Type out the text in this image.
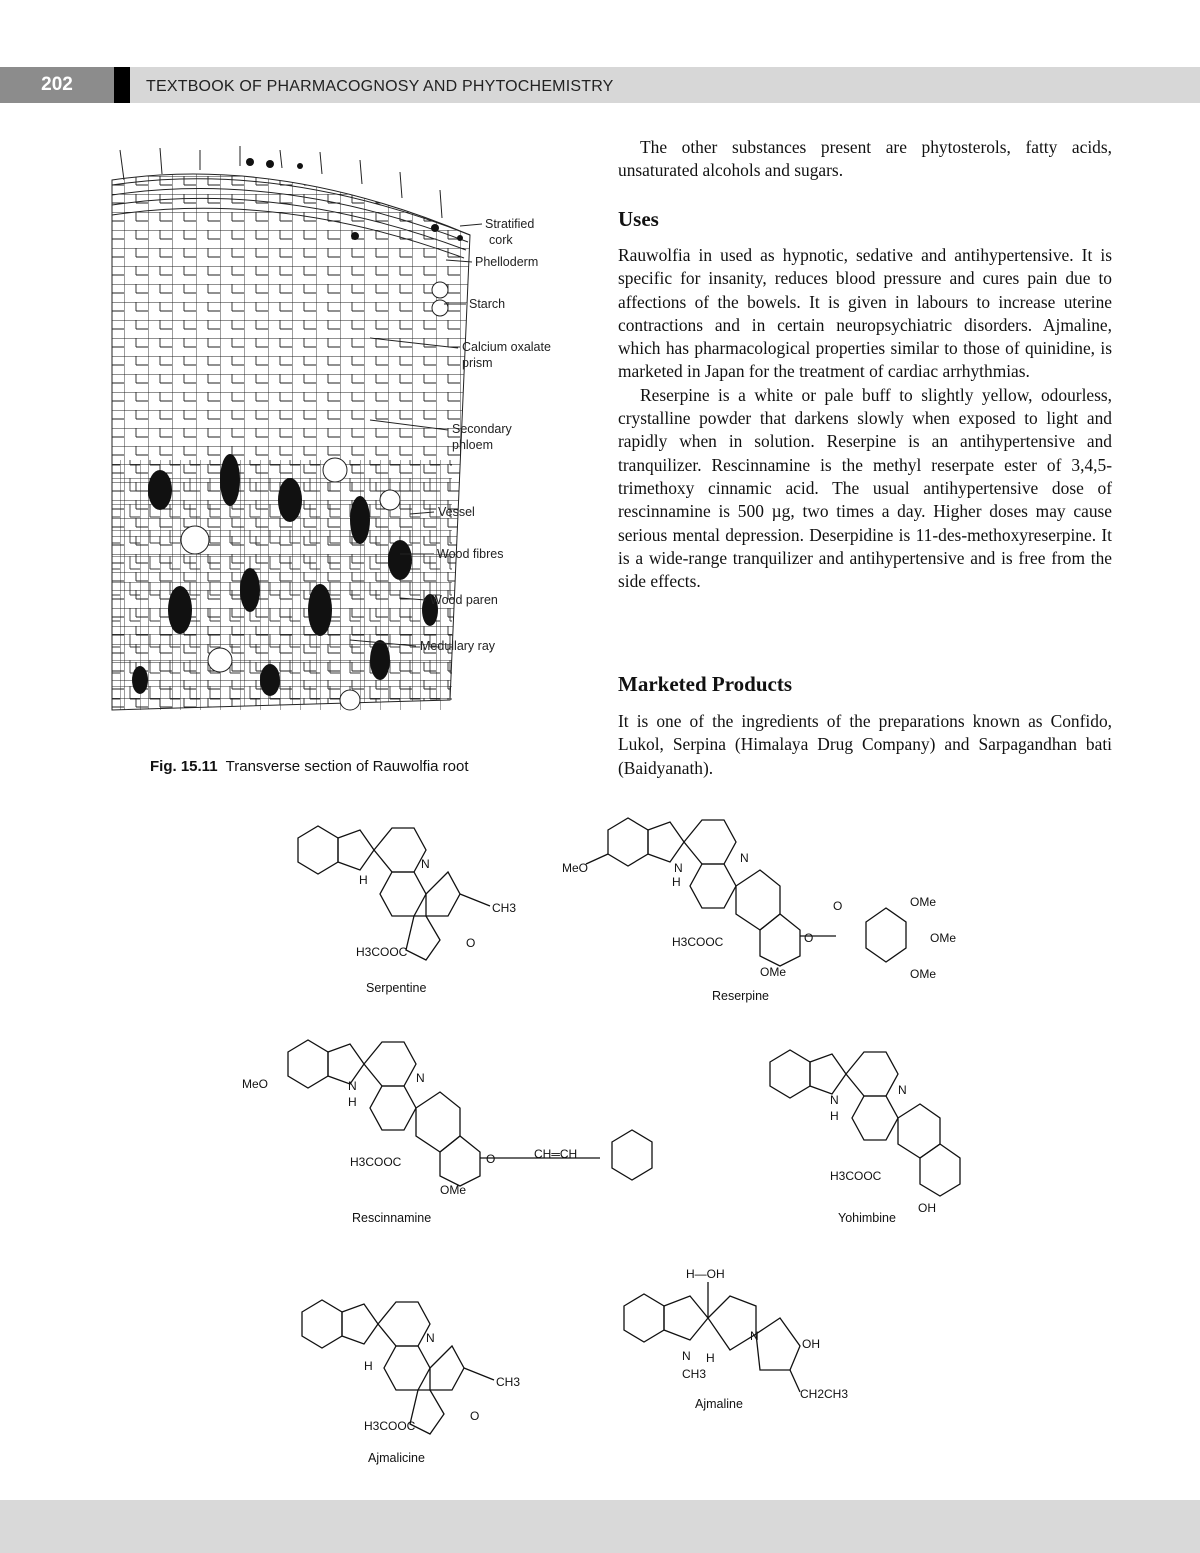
202	TEXTBOOK OF PHARMACOGNOSY AND PHYTOCHEMISTRY
Stratified
cork
Phelloderm
Starch
Calcium oxalate
prism
Secondary
phloem
Vessel
Wood fibres
Wood paren
Medullary ray
Fig. 15.11 Transverse section of Rauwolfia root
The other substances present are phytosterols, fatty acids, unsaturated alcohols and sugars.
Uses

Rauwolfia in used as hypnotic, sedative and antihypertensive. It is specific for insanity, reduces blood pressure and cures pain due to affections of the bowels. It is given in labours to increase uterine contractions and in certain neuropsychiatric disorders. Ajmaline, which has pharmacological properties similar to those of quinidine, is marketed in Japan for the treatment of cardiac arrhythmias.

Reserpine is a white or pale buff to slightly yellow, odourless, crystalline powder that darkens slowly when exposed to light and rapidly when in solution. Reserpine is an antihypertensive and tranquilizer. Rescinnamine is the methyl reserpate ester of 3,4,5-trimethoxy cinnamic acid. The usual antihypertensive dose of rescinnamine is 500 µg, two times a day. Higher doses may cause serious mental depression. Deserpidine is 11-des-methoxyreserpine. It is a wide-range tranquilizer and antihypertensive and is free from the side effects.

Marketed Products
It is one of the ingredients of the preparations known as Confido, Lukol, Serpina (Himalaya Drug Company) and Sarpagandhan bati (Baidyanath).
H
N
CH3
O
H3COOC
Serpentine
MeO	N
H
N
H3COOC	O
O
OMe
OMe
OMe
OMe
Reserpine
MeO	N
H
N
H3COOC	O	CH═CH
OMe
Rescinnamine
N
H
N
H3COOC
OH
Yohimbine
H
N
CH3
O
H3COOC
Ajmalicine
H—OH
N H
CH3
N
OH
CH2CH3
Ajmaline
